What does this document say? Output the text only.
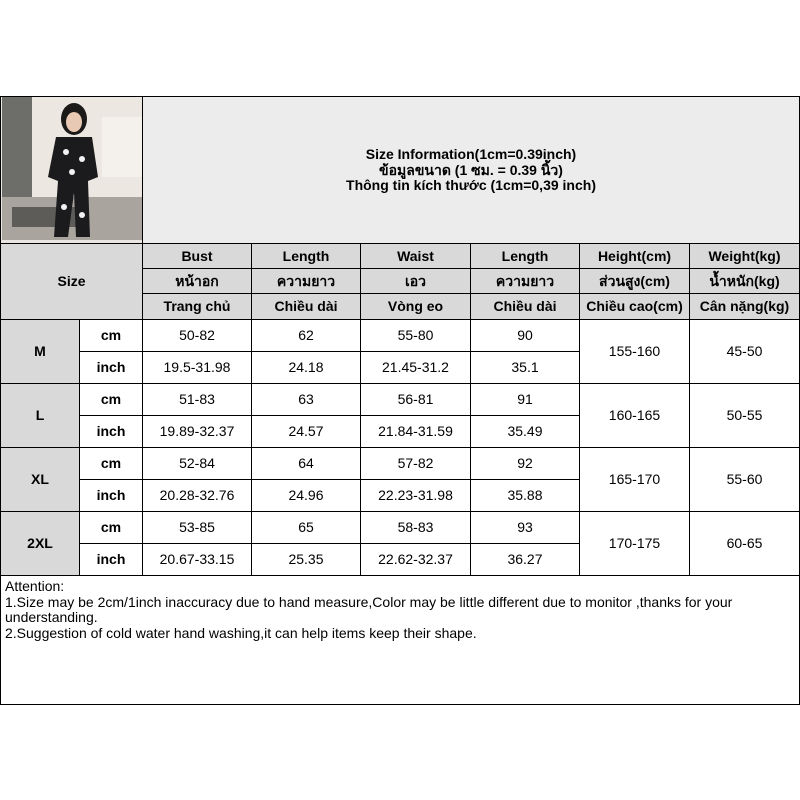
Size Information(1cm=0.39inch)
ข้อมูลขนาด (1 ซม. = 0.39 นิ้ว)
Thông tin kích thước (1cm=0,39 inch)					

Size		Bust	Length	Waist	Length	Height(cm)	Weight(kg)
		หน้าอก	ความยาว	เอว	ความยาว	ส่วนสูง(cm)	น้ำหนัก(kg)
		Trang chủ	Chiều dài	Vòng eo	Chiều dài	Chiều cao(cm)	Cân nặng(kg)
M	cm	50-82	62	55-80	90	155-160	45-50
	inch	19.5-31.98	24.18	21.45-31.2	35.1		
L	cm	51-83	63	56-81	91	160-165	50-55
	inch	19.89-32.37	24.57	21.84-31.59	35.49		
XL	cm	52-84	64	57-82	92	165-170	55-60
	inch	20.28-32.76	24.96	22.23-31.98	35.88		
2XL	cm	53-85	65	58-83	93	170-175	60-65
	inch	20.67-33.15	25.35	22.62-32.37	36.27		

Attention:
1.Size may be 2cm/1inch inaccuracy due to hand measure,Color may be little different due to monitor ,thanks for your understanding.
2.Suggestion of cold water hand washing,it can help items keep their shape.							
